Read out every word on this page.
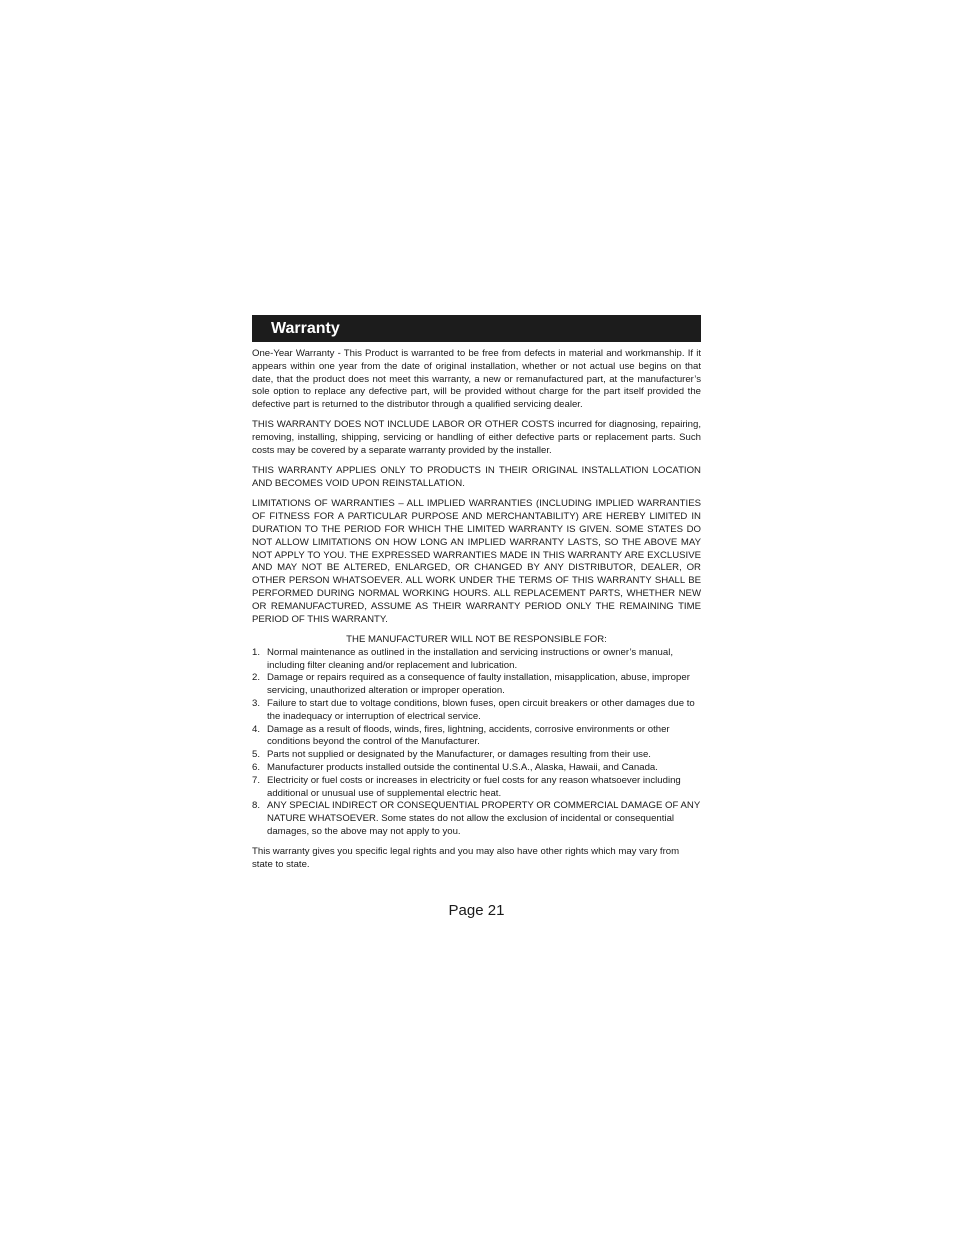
Warranty

One-Year Warranty - This Product is warranted to be free from defects in material and workmanship. If it appears within one year from the date of original installation, whether or not actual use begins on that date, that the product does not meet this warranty, a new or remanufactured part, at the manufacturer’s sole option to replace any defective part, will be provided without charge for the part itself provided the defective part is returned to the distributor through a qualified servicing dealer.

THIS WARRANTY DOES NOT INCLUDE LABOR OR OTHER COSTS incurred for diagnosing, repairing, removing, installing, shipping, servicing or handling of either defective parts or replacement parts. Such costs may be covered by a separate warranty provided by the installer.

THIS WARRANTY APPLIES ONLY TO PRODUCTS IN THEIR ORIGINAL INSTALLATION LOCATION AND BECOMES VOID UPON REINSTALLATION.

LIMITATIONS OF WARRANTIES – ALL IMPLIED WARRANTIES (INCLUDING IMPLIED WARRANTIES OF FITNESS FOR A PARTICULAR PURPOSE AND MERCHANTABILITY) ARE HEREBY LIMITED IN DURATION TO THE PERIOD FOR WHICH THE LIMITED WARRANTY IS GIVEN. SOME STATES DO NOT ALLOW LIMITATIONS ON HOW LONG AN IMPLIED WARRANTY LASTS, SO THE ABOVE MAY NOT APPLY TO YOU. THE EXPRESSED WARRANTIES MADE IN THIS WARRANTY ARE EXCLUSIVE AND MAY NOT BE ALTERED, ENLARGED, OR CHANGED BY ANY DISTRIBUTOR, DEALER, OR OTHER PERSON WHATSOEVER. ALL WORK UNDER THE TERMS OF THIS WARRANTY SHALL BE PERFORMED DURING NORMAL WORKING HOURS. ALL REPLACEMENT PARTS, WHETHER NEW OR REMANUFACTURED, ASSUME AS THEIR WARRANTY PERIOD ONLY THE REMAINING TIME PERIOD OF THIS WARRANTY.

THE MANUFACTURER WILL NOT BE RESPONSIBLE FOR:

1. Normal maintenance as outlined in the installation and servicing instructions or owner’s manual, including filter cleaning and/or replacement and lubrication.
2. Damage or repairs required as a consequence of faulty installation, misapplication, abuse, improper servicing, unauthorized alteration or improper operation.
3. Failure to start due to voltage conditions, blown fuses, open circuit breakers or other damages due to the inadequacy or interruption of electrical service.
4. Damage as a result of floods, winds, fires, lightning, accidents, corrosive environments or other conditions beyond the control of the Manufacturer.
5. Parts not supplied or designated by the Manufacturer, or damages resulting from their use.
6. Manufacturer products installed outside the continental U.S.A., Alaska, Hawaii, and Canada.
7. Electricity or fuel costs or increases in electricity or fuel costs for any reason whatsoever including additional or unusual use of supplemental electric heat.
8. ANY SPECIAL INDIRECT OR CONSEQUENTIAL PROPERTY OR COMMERCIAL DAMAGE OF ANY NATURE WHATSOEVER. Some states do not allow the exclusion of incidental or consequential damages, so the above may not apply to you.

This warranty gives you specific legal rights and you may also have other rights which may vary from state to state.

Page 21
